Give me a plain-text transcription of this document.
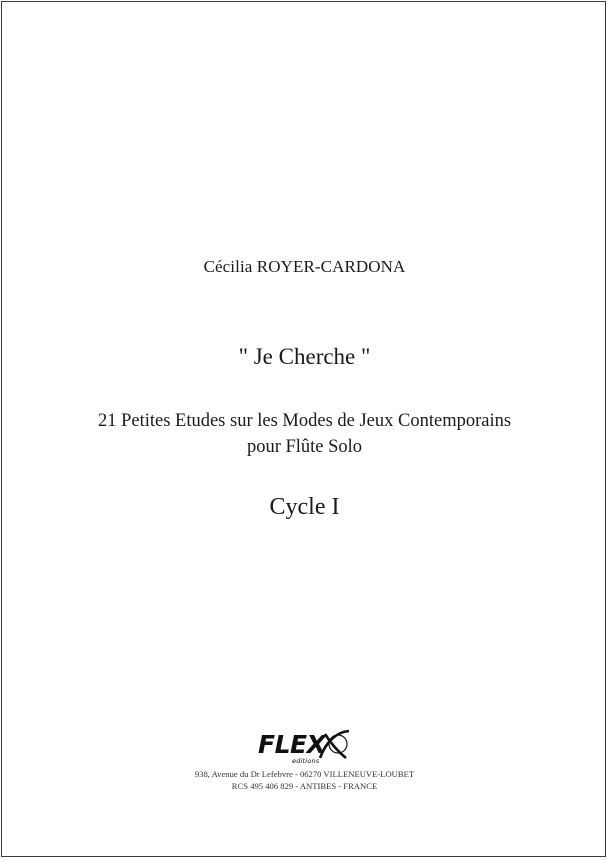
Cécilia ROYER-CARDONA
" Je Cherche "
21 Petites Etudes sur les Modes de Jeux Contemporains
pour Flûte Solo
Cycle I
FLEX
editions
938, Avenue du Dr Lefebvre - 06270 VILLENEUVE-LOUBET
RCS 495 406 829 - ANTIBES - FRANCE
